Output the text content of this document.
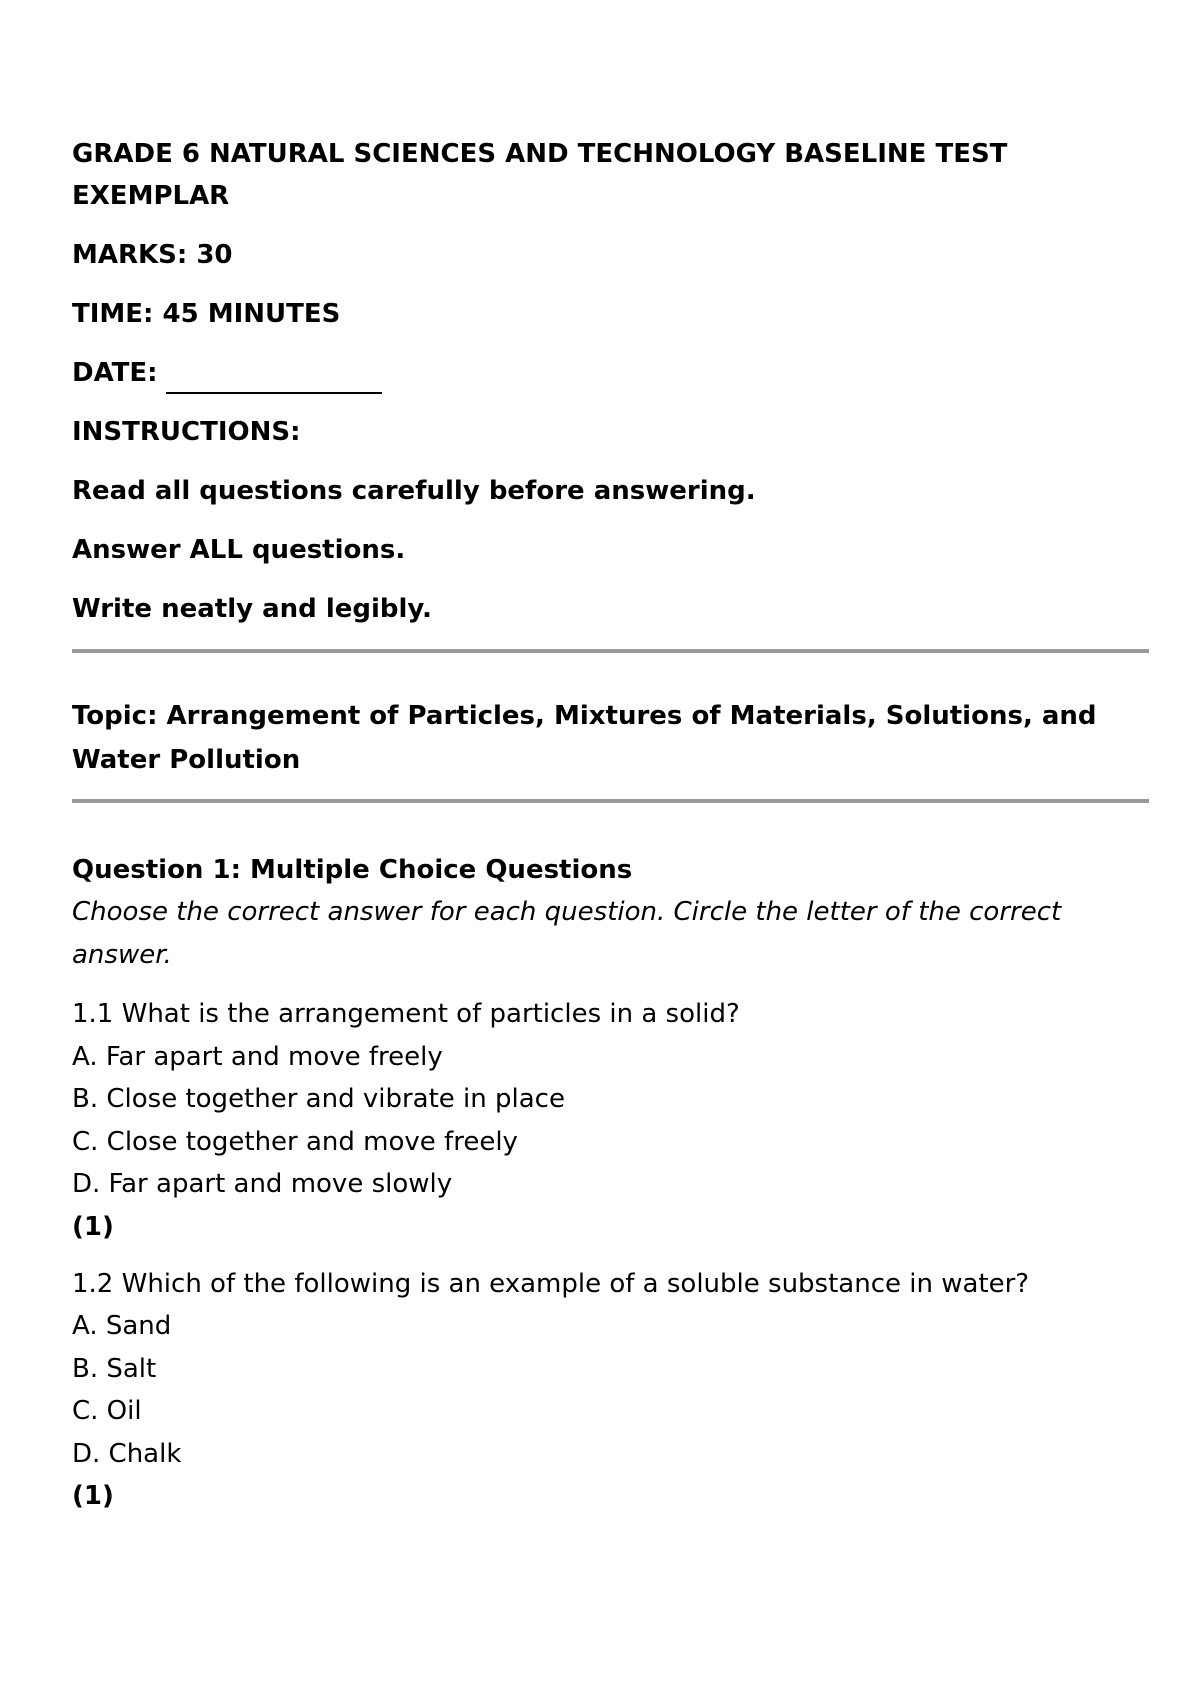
GRADE 6 NATURAL SCIENCES AND TECHNOLOGY BASELINE TEST

EXEMPLAR

MARKS: 30

TIME: 45 MINUTES

DATE:

INSTRUCTIONS:

Read all questions carefully before answering.

Answer ALL questions.

Write neatly and legibly.

Topic: Arrangement of Particles, Mixtures of Materials, Solutions, and

Water Pollution

Question 1: Multiple Choice Questions

Choose the correct answer for each question. Circle the letter of the correct

answer.

1.1 What is the arrangement of particles in a solid?

A. Far apart and move freely

B. Close together and vibrate in place

C. Close together and move freely

D. Far apart and move slowly

(1)

1.2 Which of the following is an example of a soluble substance in water?

A. Sand

B. Salt

C. Oil

D. Chalk

(1)
